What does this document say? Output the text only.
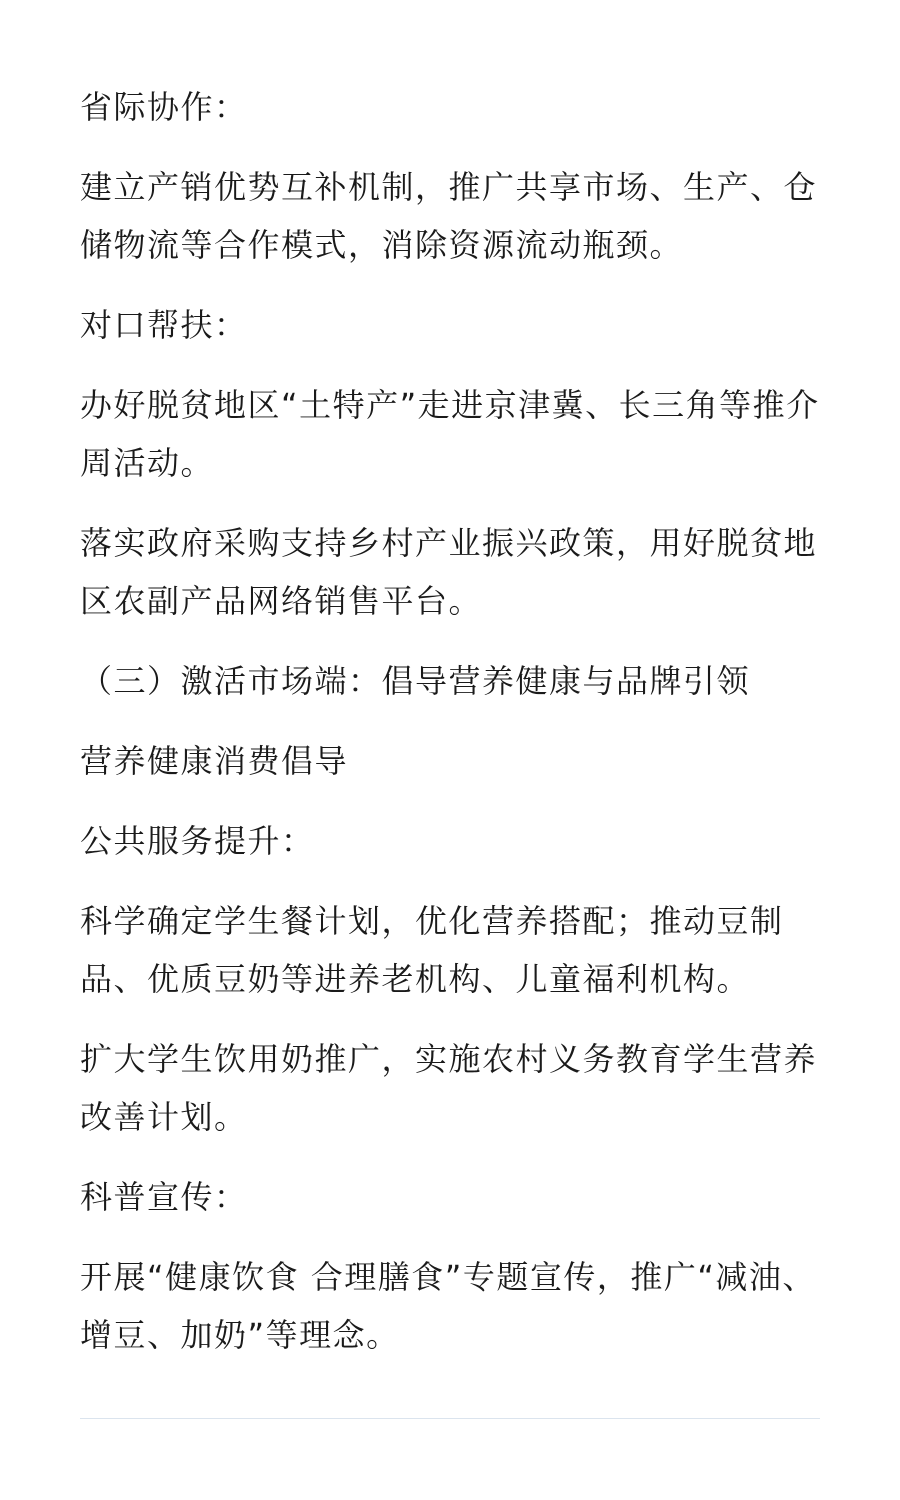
省际协作：

建立产销优势互补机制，推广共享市场、生产、仓储物流等合作模式，消除资源流动瓶颈。

对口帮扶：

办好脱贫地区“土特产”走进京津冀、长三角等推介周活动。

落实政府采购支持乡村产业振兴政策，用好脱贫地区农副产品网络销售平台。

（三）激活市场端：倡导营养健康与品牌引领

营养健康消费倡导

公共服务提升：

科学确定学生餐计划，优化营养搭配；推动豆制品、优质豆奶等进养老机构、儿童福利机构。

扩大学生饮用奶推广，实施农村义务教育学生营养改善计划。

科普宣传：

开展“健康饮食 合理膳食”专题宣传，推广“减油、增豆、加奶”等理念。
